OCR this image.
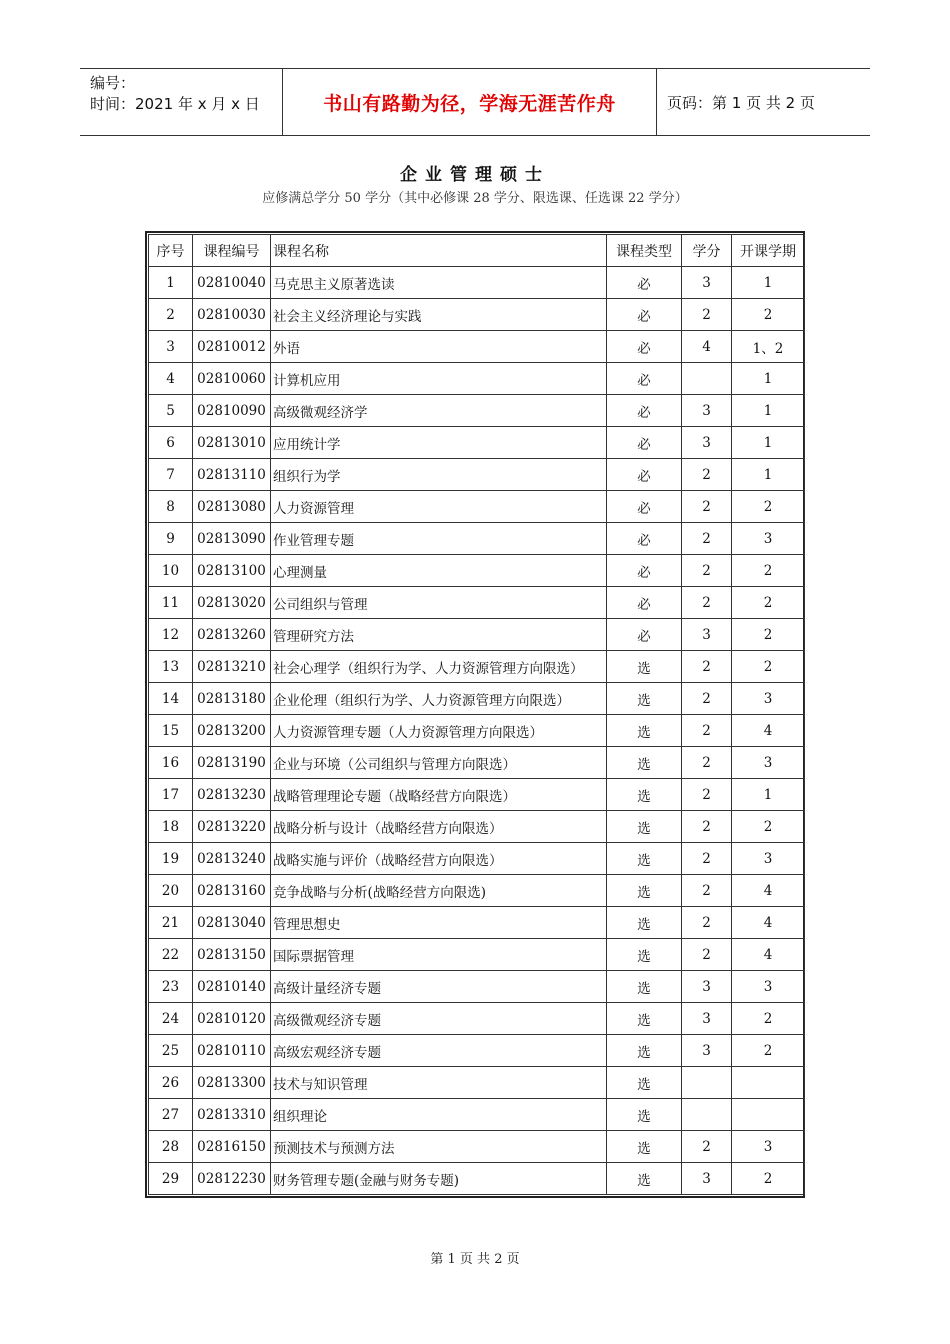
编号：
时间：2021 年 x 月 x 日	书山有路勤为径，学海无涯苦作舟	页码：第 1 页 共 2 页
企业管理硕士
应修满总学分 50 学分（其中必修课 28 学分、限选课、任选课 22 学分）
序号	课程编号	课程名称	课程类型	学分	开课学期
1	02810040	马克思主义原著选读	必	3	1
2	02810030	社会主义经济理论与实践	必	2	2
3	02810012	外语	必	4	1、2
4	02810060	计算机应用	必		1
5	02810090	高级微观经济学	必	3	1
6	02813010	应用统计学	必	3	1
7	02813110	组织行为学	必	2	1
8	02813080	人力资源管理	必	2	2
9	02813090	作业管理专题	必	2	3
10	02813100	心理测量	必	2	2
11	02813020	公司组织与管理	必	2	2
12	02813260	管理研究方法	必	3	2
13	02813210	社会心理学（组织行为学、人力资源管理方向限选）	选	2	2
14	02813180	企业伦理（组织行为学、人力资源管理方向限选）	选	2	3
15	02813200	人力资源管理专题（人力资源管理方向限选）	选	2	4
16	02813190	企业与环境（公司组织与管理方向限选）	选	2	3
17	02813230	战略管理理论专题（战略经营方向限选）	选	2	1
18	02813220	战略分析与设计（战略经营方向限选）	选	2	2
19	02813240	战略实施与评价（战略经营方向限选）	选	2	3
20	02813160	竞争战略与分析(战略经营方向限选)	选	2	4
21	02813040	管理思想史	选	2	4
22	02813150	国际票据管理	选	2	4
23	02810140	高级计量经济专题	选	3	3
24	02810120	高级微观经济专题	选	3	2
25	02810110	高级宏观经济专题	选	3	2
26	02813300	技术与知识管理	选		
27	02813310	组织理论	选		
28	02816150	预测技术与预测方法	选	2	3
29	02812230	财务管理专题(金融与财务专题)	选	3	2
第 1 页 共 2 页
